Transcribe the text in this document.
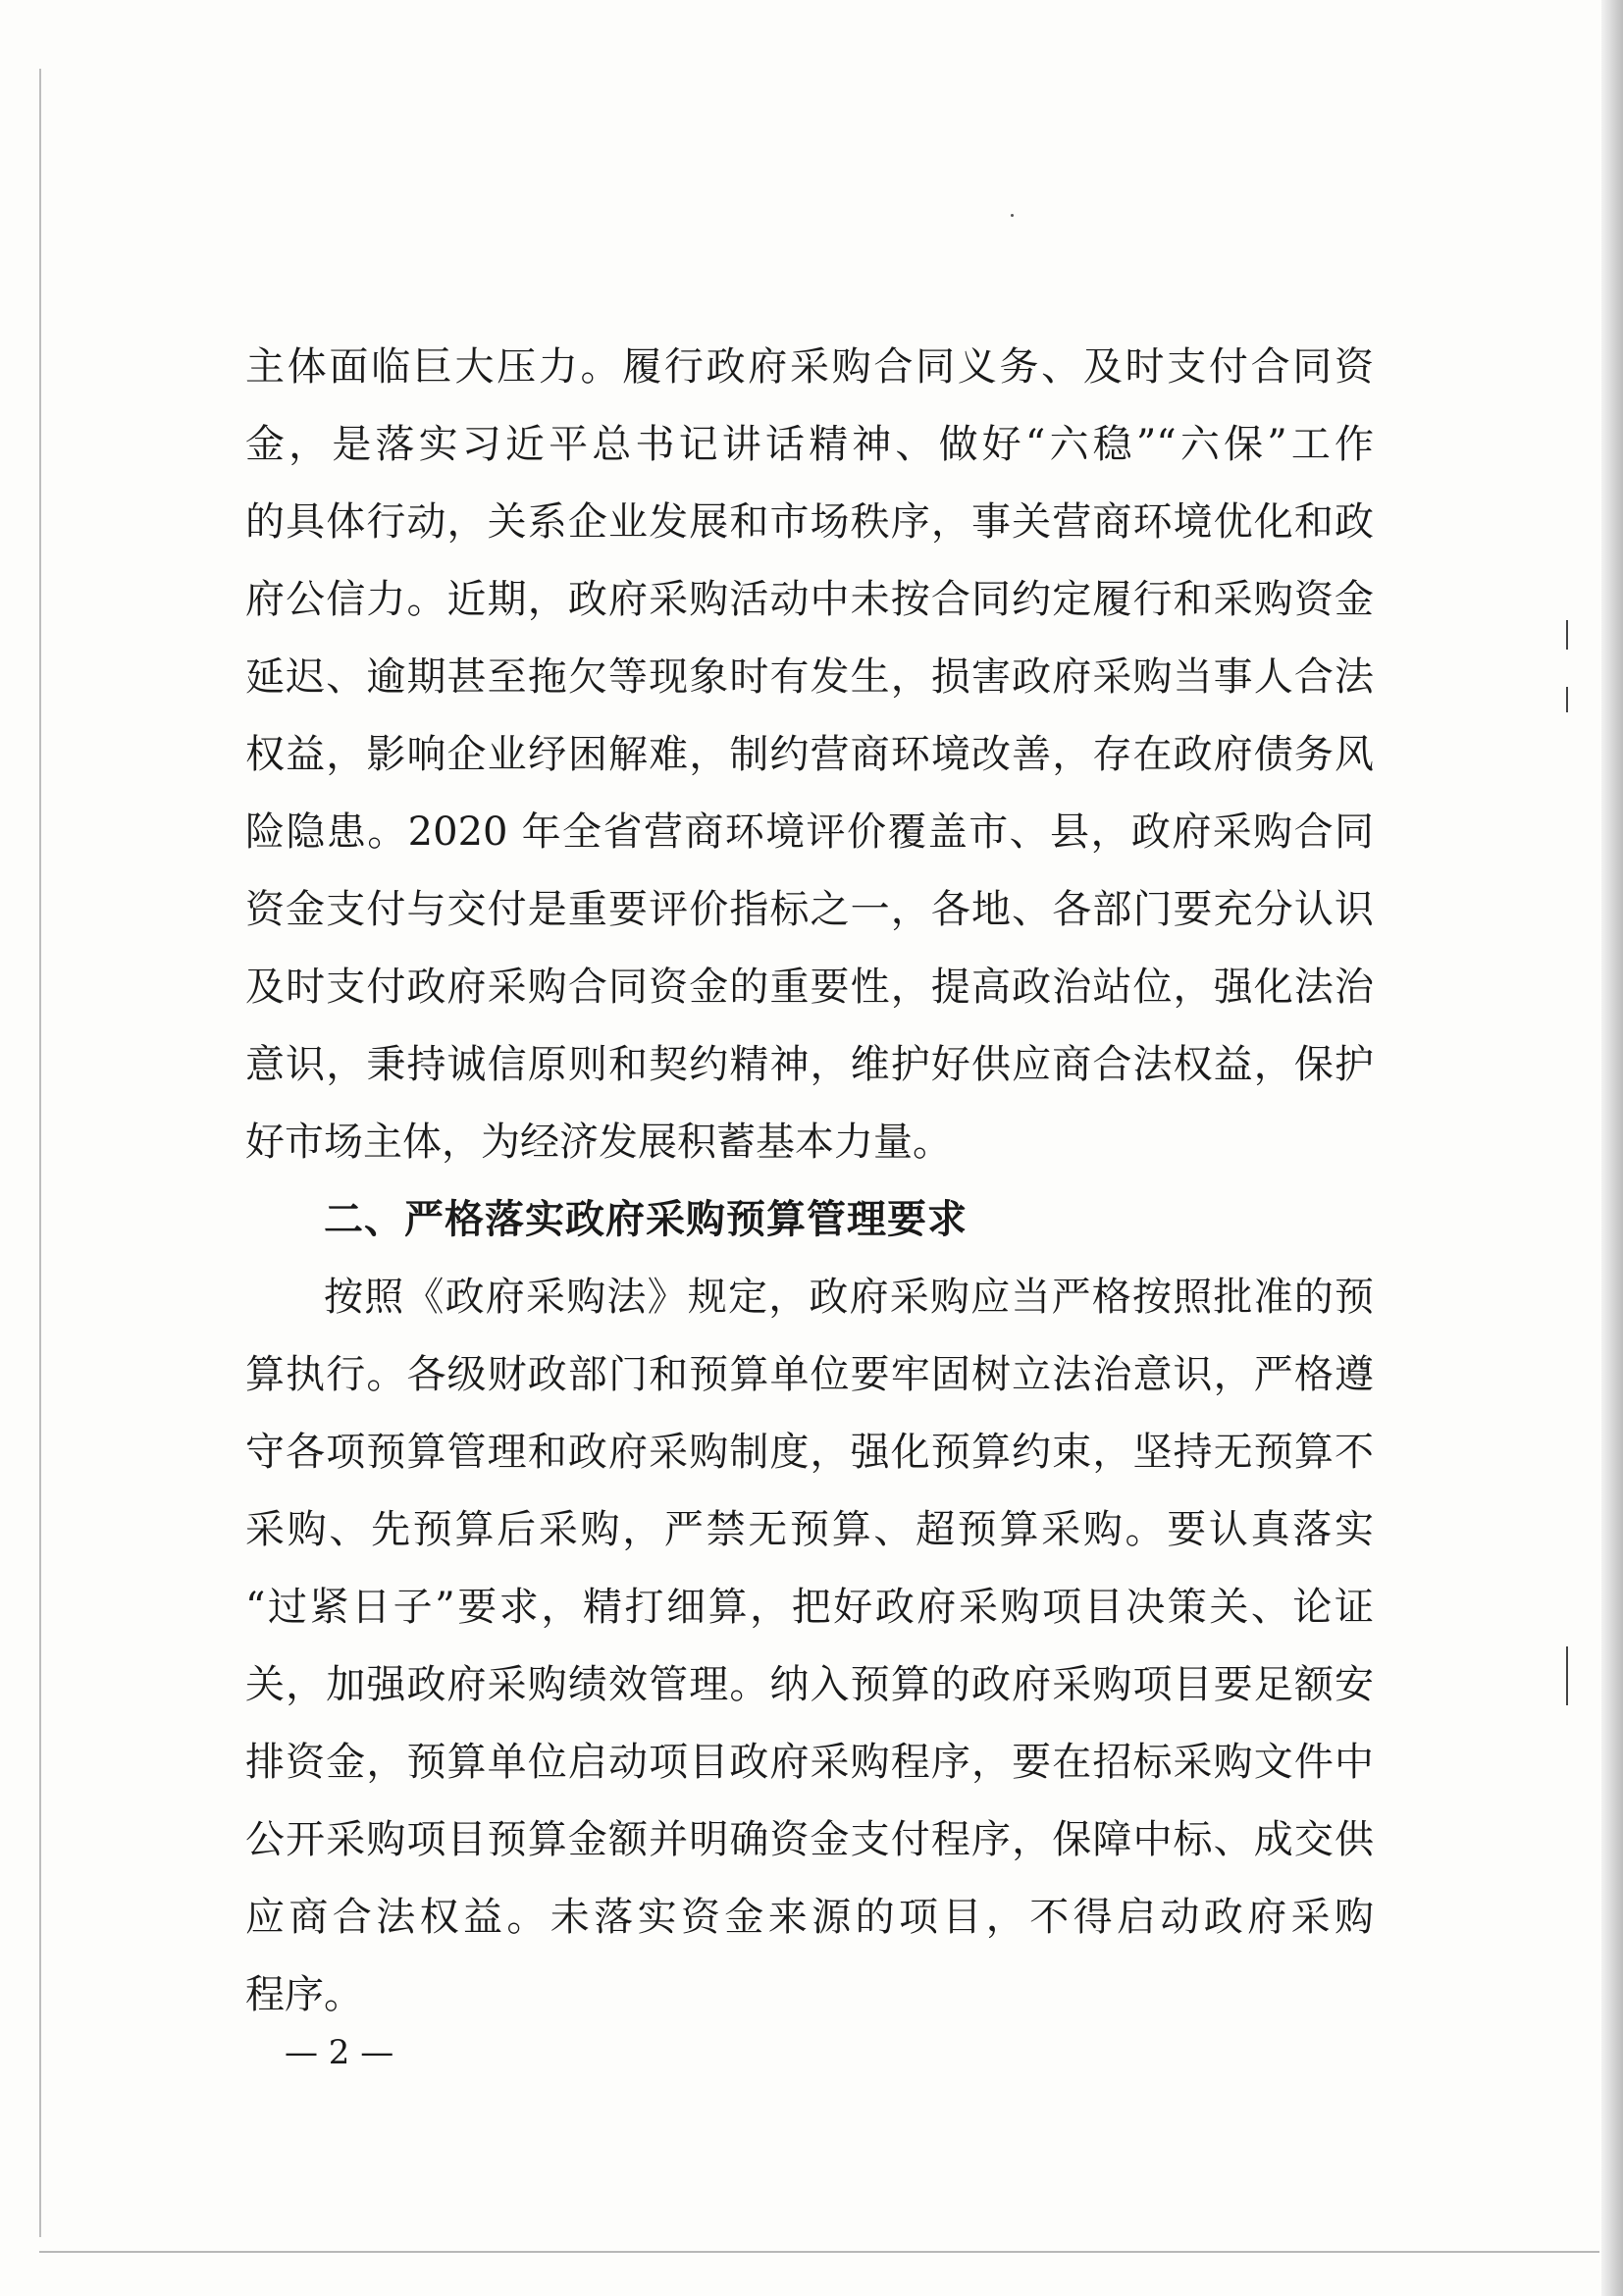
主体面临巨大压力。履行政府采购合同义务、及时支付合同资
金，是落实习近平总书记讲话精神、做好“六稳”“六保”工作
的具体行动，关系企业发展和市场秩序，事关营商环境优化和政
府公信力。近期，政府采购活动中未按合同约定履行和采购资金
延迟、逾期甚至拖欠等现象时有发生，损害政府采购当事人合法
权益，影响企业纾困解难，制约营商环境改善，存在政府债务风
险隐患。2020 年全省营商环境评价覆盖市、县，政府采购合同
资金支付与交付是重要评价指标之一，各地、各部门要充分认识
及时支付政府采购合同资金的重要性，提高政治站位，强化法治
意识，秉持诚信原则和契约精神，维护好供应商合法权益，保护
好市场主体，为经济发展积蓄基本力量。
二、严格落实政府采购预算管理要求
按照《政府采购法》规定，政府采购应当严格按照批准的预
算执行。各级财政部门和预算单位要牢固树立法治意识，严格遵
守各项预算管理和政府采购制度，强化预算约束，坚持无预算不
采购、先预算后采购，严禁无预算、超预算采购。要认真落实
“过紧日子”要求，精打细算，把好政府采购项目决策关、论证
关，加强政府采购绩效管理。纳入预算的政府采购项目要足额安
排资金，预算单位启动项目政府采购程序，要在招标采购文件中
公开采购项目预算金额并明确资金支付程序，保障中标、成交供
应商合法权益。未落实资金来源的项目，不得启动政府采购
程序。
— 2 —
